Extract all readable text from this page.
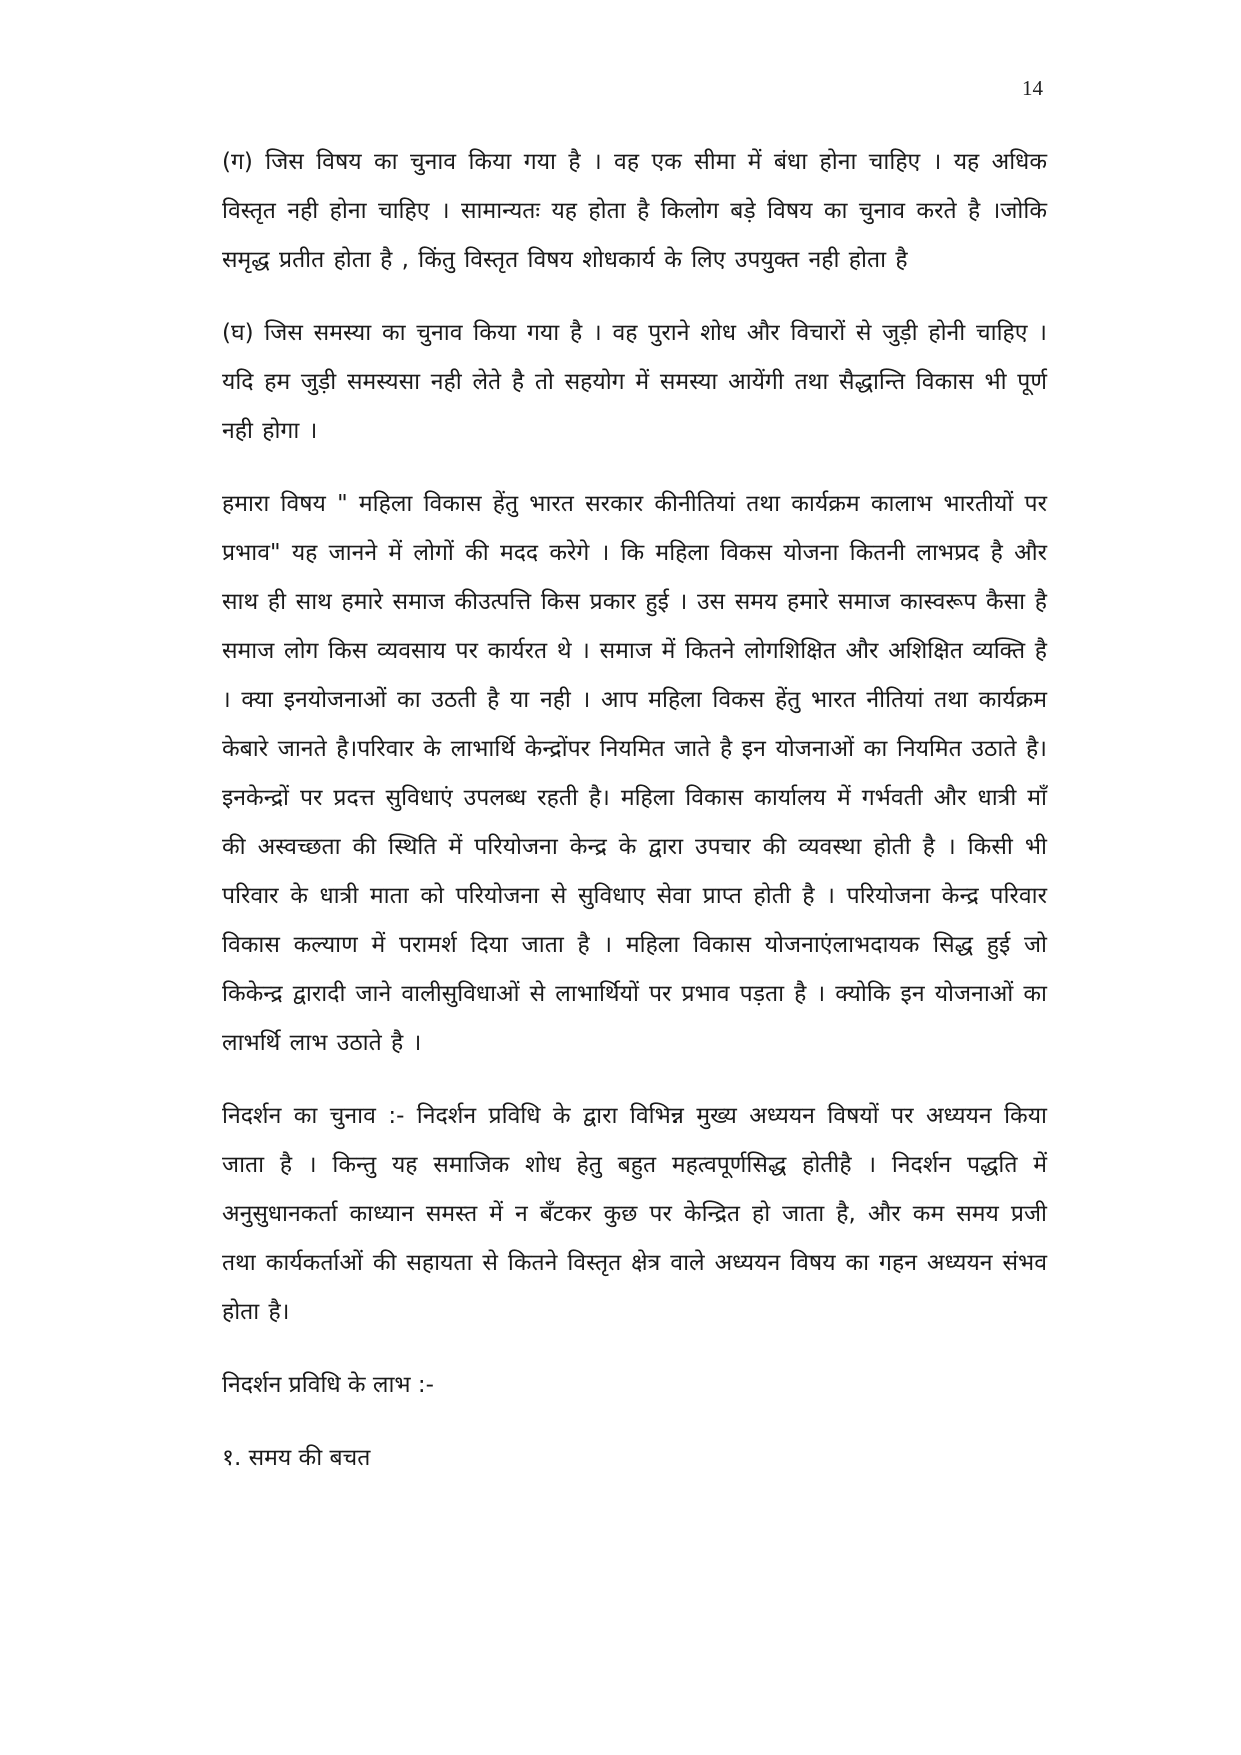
14

(ग) जिस विषय का चुनाव किया गया है । वह एक सीमा में बंधा होना चाहिए । यह अधिक विस्तृत नही होना चाहिए । सामान्यतः यह होता है किलोग बड़े विषय का चुनाव करते है ।जोकि समृद्ध प्रतीत होता है , किंतु विस्तृत विषय शोधकार्य के लिए उपयुक्त नही होता है

(घ) जिस समस्या का चुनाव किया गया है । वह पुराने शोध और विचारों से जुड़ी होनी चाहिए । यदि हम जुड़ी समस्यसा नही लेते है तो सहयोग में समस्या आयेंगी तथा सैद्धान्ति विकास भी पूर्ण नही होगा ।

हमारा विषय " महिला विकास हेंतु भारत सरकार कीनीतियां तथा कार्यक्रम कालाभ भारतीयों पर प्रभाव" यह जानने में लोगों की मदद करेगे । कि महिला विकस योजना कितनी लाभप्रद है और साथ ही साथ हमारे समाज कीउत्पत्ति किस प्रकार हुई । उस समय हमारे समाज कास्वरूप कैसा है समाज लोग किस व्यवसाय पर कार्यरत थे । समाज में कितने लोगशिक्षित और अशिक्षित व्यक्ति है । क्या इनयोजनाओं का उठती है या नही । आप महिला विकस हेंतु भारत नीतियां तथा कार्यक्रम केबारे जानते है।परिवार के लाभार्थि केन्द्रोंपर नियमित जाते है इन योजनाओं का नियमित उठाते है। इनकेन्द्रों पर प्रदत्त सुविधाएं उपलब्ध रहती है। महिला विकास कार्यालय में गर्भवती और धात्री माँ की अस्वच्छता की स्थिति में परियोजना केन्द्र के द्वारा उपचार की व्यवस्था होती है । किसी भी परिवार के धात्री माता को परियोजना से सुविधाए सेवा प्राप्त होती है । परियोजना केन्द्र परिवार विकास कल्याण में परामर्श दिया जाता है । महिला विकास योजनाएंलाभदायक सिद्ध हुई जो किकेन्द्र द्वारादी जाने वालीसुविधाओं से लाभार्थियों पर प्रभाव पड़ता है । क्योकि इन योजनाओं का लाभर्थि लाभ उठाते है ।

निदर्शन का चुनाव :- निदर्शन प्रविधि के द्वारा विभिन्न मुख्य अध्ययन विषयों पर अध्ययन किया जाता है । किन्तु यह समाजिक शोध हेतु बहुत महत्वपूर्णसिद्ध होतीहै । निदर्शन पद्धति में अनुसुधानकर्ता काध्यान समस्त में न बँटकर कुछ पर केन्द्रित हो जाता है, और कम समय प्रजी तथा कार्यकर्ताओं की सहायता से कितने विस्तृत क्षेत्र वाले अध्ययन विषय का गहन अध्ययन संभव होता है।

निदर्शन प्रविधि के लाभ :-

१. समय की बचत
